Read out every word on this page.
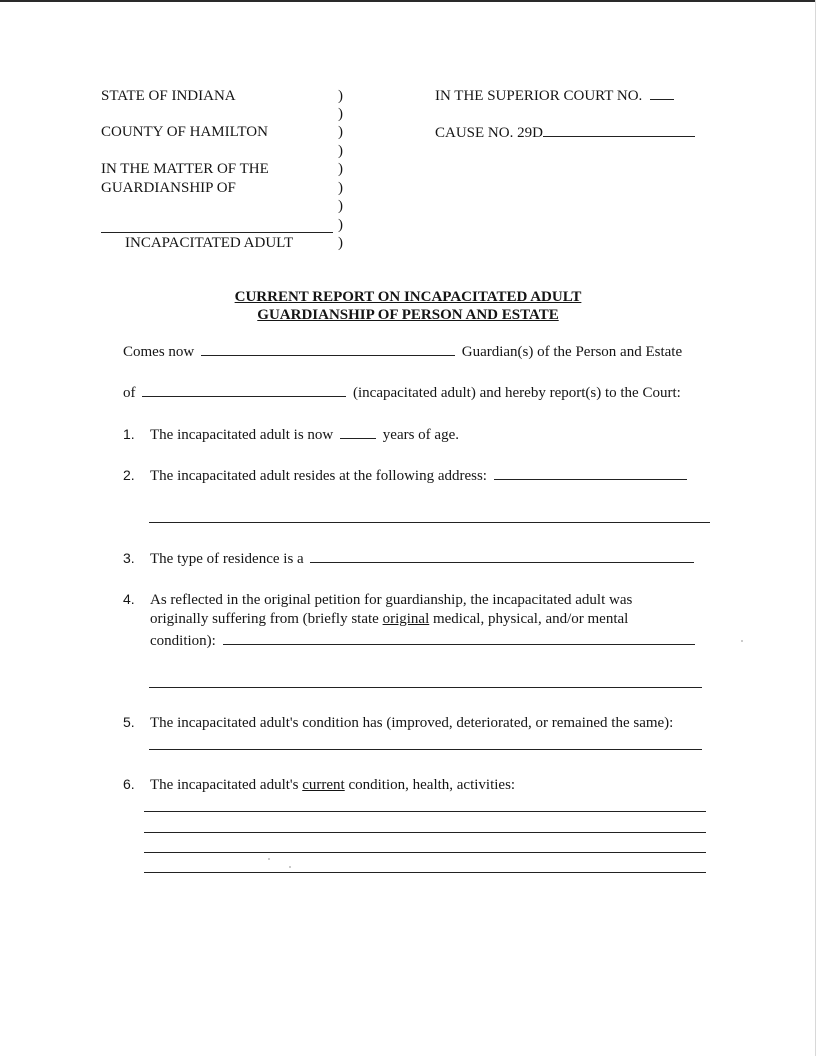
STATE OF INDIANA
COUNTY OF HAMILTON
IN THE MATTER OF THE
GUARDIANSHIP OF
INCAPACITATED ADULT
)
)
)
)
)
)
)
)
)
IN THE SUPERIOR COURT NO.
CAUSE NO. 29D
CURRENT REPORT ON INCAPACITATED ADULT
GUARDIANSHIP OF PERSON AND ESTATE
Comes now	Guardian(s) of the Person and Estate
of	(incapacitated adult) and hereby report(s) to the Court:
1. The incapacitated adult is now	years of age.
2. The incapacitated adult resides at the following address:
3. The type of residence is a
4. As reflected in the original petition for guardianship, the incapacitated adult was
originally suffering from (briefly state original medical, physical, and/or mental
condition):
5. The incapacitated adult's condition has (improved, deteriorated, or remained the same):
6. The incapacitated adult's current condition, health, activities:
